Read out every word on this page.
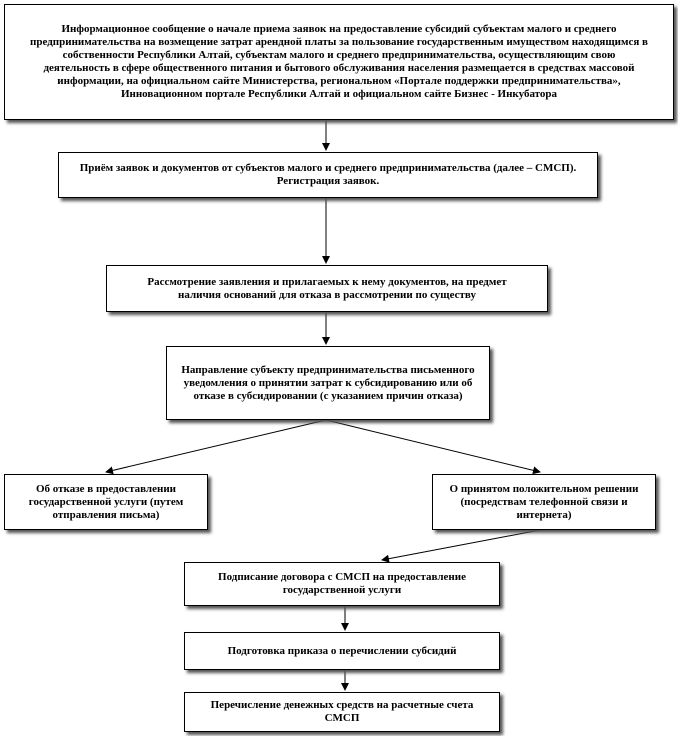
Информационное сообщение о начале приема заявок на предоставление субсидий субъектам малого и среднего предпринимательства на возмещение затрат арендной платы за пользование государственным имуществом находящимся в собственности Республики Алтай, субъектам малого и среднего предпринимательства, осуществляющим свою деятельность в сфере общественного питания и бытового обслуживания населения размещается в средствах массовой информации, на официальном сайте Министерства, региональном «Портале поддержки предпринимательства», Инновационном портале Республики Алтай и официальном сайте Бизнес - Инкубатора
Приём заявок и документов от субъектов малого и среднего предпринимательства (далее – СМСП). Регистрация заявок.
Рассмотрение заявления и прилагаемых к нему документов, на предмет наличия оснований для отказа в рассмотрении по существу
Направление субъекту предпринимательства письменного уведомления о принятии затрат к субсидированию или об отказе в субсидировании (с указанием причин отказа)
Об отказе в предоставлении государственной услуги (путем отправления письма)
О принятом положительном решении (посредствам телефонной связи и интернета)
Подписание договора с СМСП на предоставление государственной услуги
Подготовка приказа о перечислении субсидий
Перечисление денежных средств на расчетные счета СМСП
